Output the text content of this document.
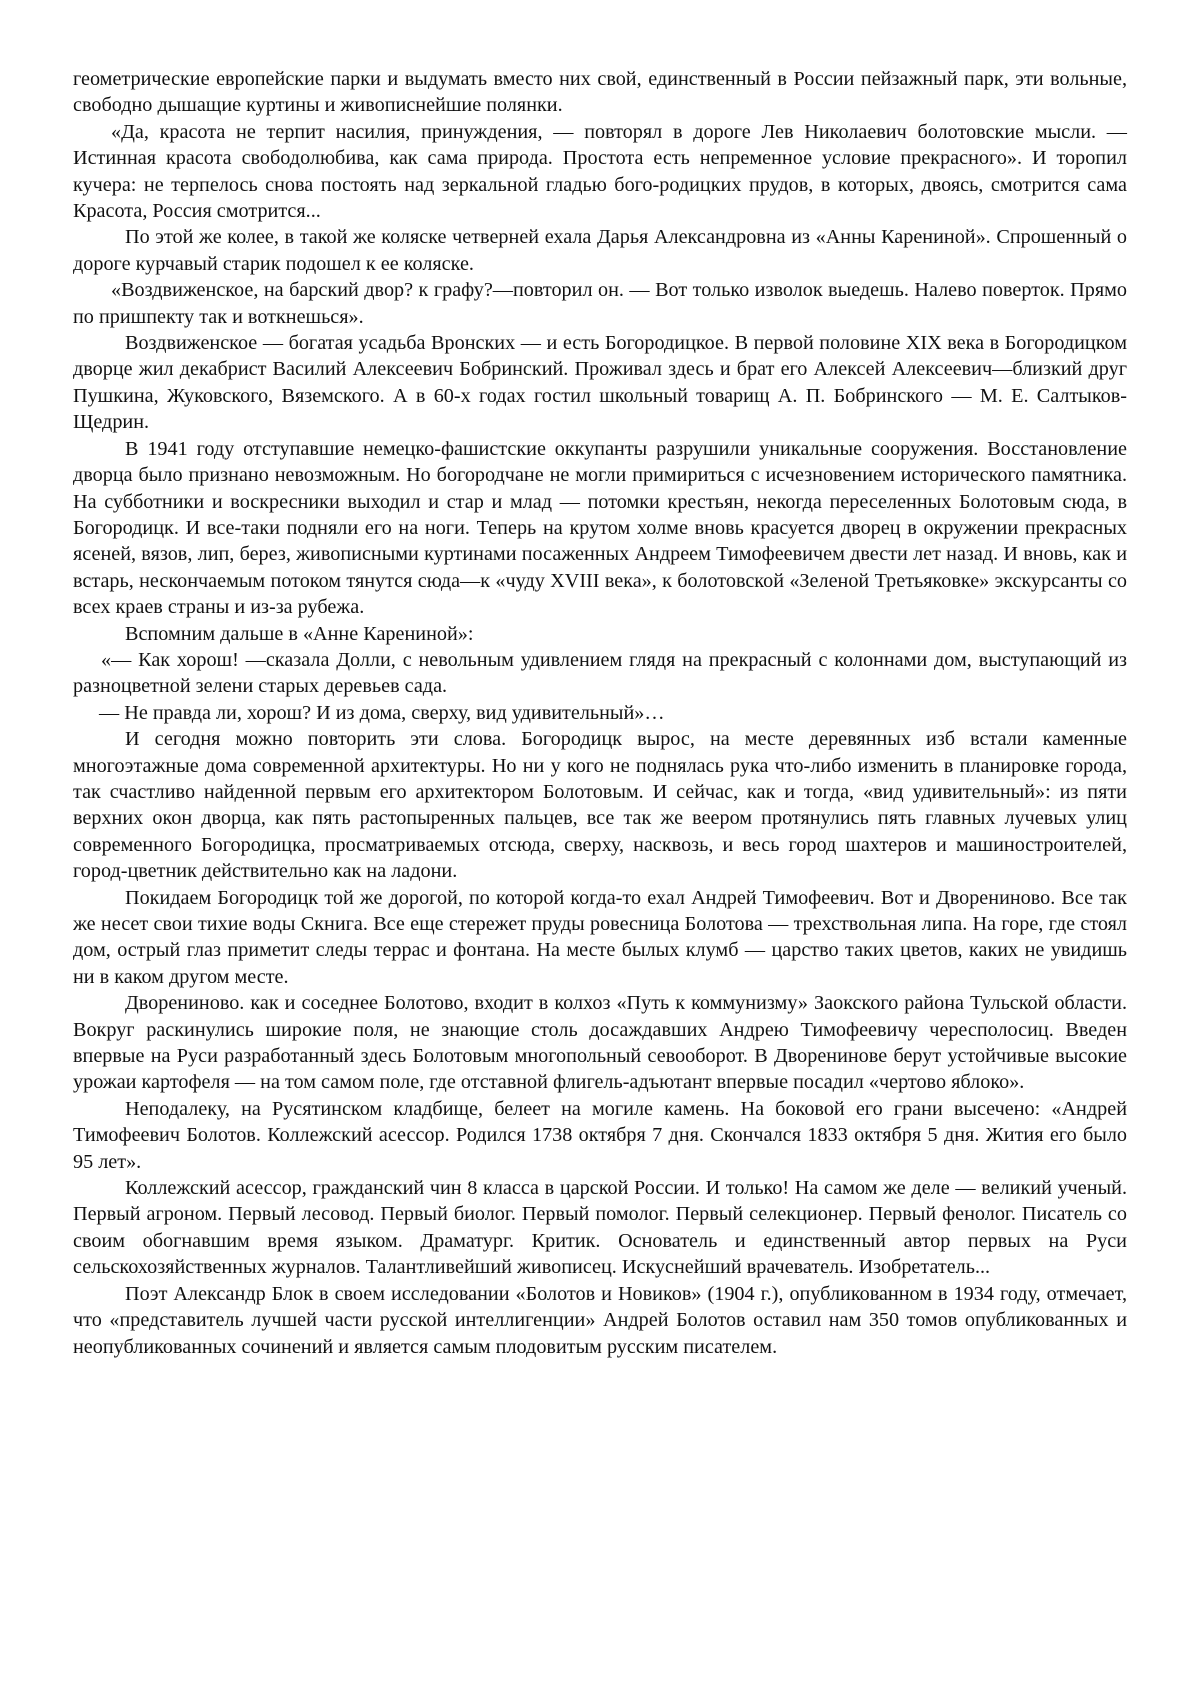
геометрические европейские парки и выдумать вместо них свой, единственный в России пейзажный парк, эти вольные, свободно дышащие куртины и живописнейшие полянки.

«Да, красота не терпит насилия, принуждения, — повторял в дороге Лев Николаевич болотовские мысли. — Истинная красота свободолюбива, как сама природа. Простота есть непременное условие прекрасного». И торопил кучера: не терпелось снова постоять над зеркальной гладью бого-родицких прудов, в которых, двоясь, смотрится сама Красота, Россия смотрится...

По этой же колее, в такой же коляске четверней ехала Дарья Александровна из «Анны Карениной». Спрошенный о дороге курчавый старик подошел к ее коляске.

«Воздвиженское, на барский двор? к графу?—повторил он. — Вот только изволок выедешь. Налево поверток. Прямо по пришпекту так и воткнешься».

Воздвиженское — богатая усадьба Вронских — и есть Богородицкое. В первой половине XIX века в Богородицком дворце жил декабрист Василий Алексеевич Бобринский. Проживал здесь и брат его Алексей Алексеевич—близкий друг Пушкина, Жуковского, Вяземского. А в 60-х годах гостил школьный товарищ А. П. Бобринского — М. Е. Салтыков-Щедрин.

В 1941 году отступавшие немецко-фашистские оккупанты разрушили уникальные сооружения. Восстановление дворца было признано невозможным. Но богородчане не могли примириться с исчезновением исторического памятника. На субботники и воскресники выходил и стар и млад — потомки крестьян, некогда переселенных Болотовым сюда, в Богородицк. И все-таки подняли его на ноги. Теперь на крутом холме вновь красуется дворец в окружении прекрасных ясеней, вязов, лип, берез, живописными куртинами посаженных Андреем Тимофеевичем двести лет назад. И вновь, как и встарь, нескончаемым потоком тянутся сюда—к «чуду XVIII века», к болотовской «Зеленой Третьяковке» экскурсанты со всех краев страны и из-за рубежа.

Вспомним дальше в «Анне Карениной»:

«— Как хорош! —сказала Долли, с невольным удивлением глядя на прекрасный с колоннами дом, выступающий из разноцветной зелени старых деревьев сада.

— Не правда ли, хорош? И из дома, сверху, вид удивительный»…

И сегодня можно повторить эти слова. Богородицк вырос, на месте деревянных изб встали каменные многоэтажные дома современной архитектуры. Но ни у кого не поднялась рука что-либо изменить в планировке города, так счастливо найденной первым его архитектором Болотовым. И сейчас, как и тогда, «вид удивительный»: из пяти верхних окон дворца, как пять растопыренных пальцев, все так же веером протянулись пять главных лучевых улиц современного Богородицка, просматриваемых отсюда, сверху, насквозь, и весь город шахтеров и машиностроителей, город-цветник действительно как на ладони.

Покидаем Богородицк той же дорогой, по которой когда-то ехал Андрей Тимофеевич. Вот и Дворениново. Все так же несет свои тихие воды Скнига. Все еще стережет пруды ровесница Болотова — трехствольная липа. На горе, где стоял дом, острый глаз приметит следы террас и фонтана. На месте былых клумб — царство таких цветов, каких не увидишь ни в каком другом месте.

Дворениново. как и соседнее Болотово, входит в колхоз «Путь к коммунизму» Заокского района Тульской области. Вокруг раскинулись широкие поля, не знающие столь досаждавших Андрею Тимофеевичу чересполосиц. Введен впервые на Руси разработанный здесь Болотовым многопольный севооборот. В Дворенинове берут устойчивые высокие урожаи картофеля — на том самом поле, где отставной флигель-адъютант впервые посадил «чертово яблоко».

Неподалеку, на Русятинском кладбище, белеет на могиле камень. На боковой его грани высечено: «Андрей Тимофеевич Болотов. Коллежский асессор. Родился 1738 октября 7 дня. Скончался 1833 октября 5 дня. Жития его было 95 лет».

Коллежский асессор, гражданский чин 8 класса в царской России. И только! На самом же деле — великий ученый. Первый агроном. Первый лесовод. Первый биолог. Первый помолог. Первый селекционер. Первый фенолог. Писатель со своим обогнавшим время языком. Драматург. Критик. Основатель и единственный автор первых на Руси сельскохозяйственных журналов. Талантливейший живописец. Искуснейший врачеватель. Изобретатель...

Поэт Александр Блок в своем исследовании «Болотов и Новиков» (1904 г.), опубликованном в 1934 году, отмечает, что «представитель лучшей части русской интеллигенции» Андрей Болотов оставил нам 350 томов опубликованных и неопубликованных сочинений и является самым плодовитым русским писателем.
